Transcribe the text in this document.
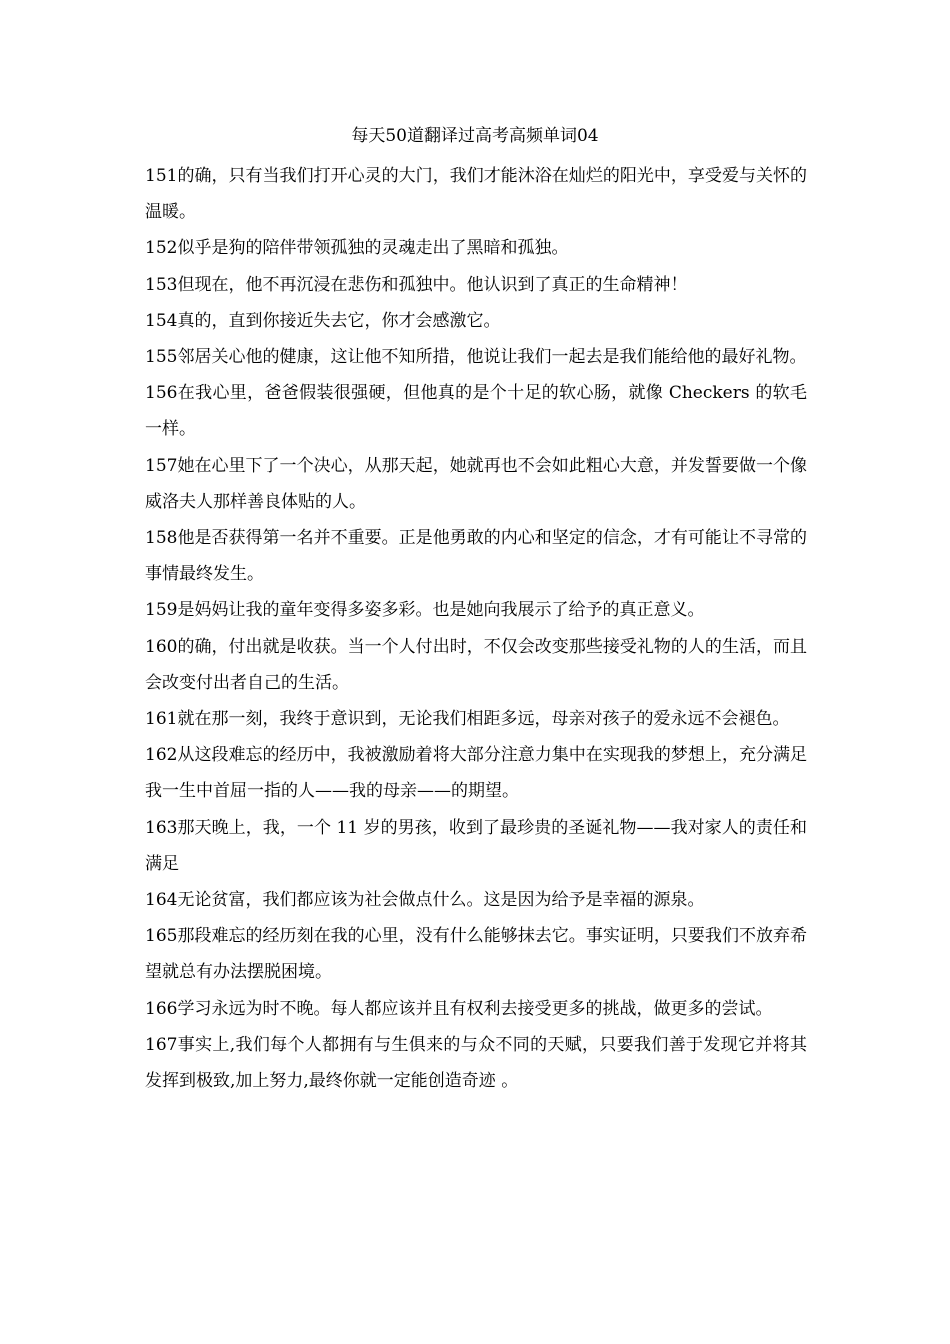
每天50道翻译过高考高频单词04

151的确，只有当我们打开心灵的大门，我们才能沐浴在灿烂的阳光中，享受爱与关怀的温暖。

152似乎是狗的陪伴带领孤独的灵魂走出了黑暗和孤独。

153但现在，他不再沉浸在悲伤和孤独中。他认识到了真正的生命精神！

154真的，直到你接近失去它，你才会感激它。

155邻居关心他的健康，这让他不知所措，他说让我们一起去是我们能给他的最好礼物。

156在我心里，爸爸假装很强硬，但他真的是个十足的软心肠，就像 Checkers 的软毛一样。

157她在心里下了一个决心，从那天起，她就再也不会如此粗心大意，并发誓要做一个像威洛夫人那样善良体贴的人。

158他是否获得第一名并不重要。正是他勇敢的内心和坚定的信念，才有可能让不寻常的事情最终发生。

159是妈妈让我的童年变得多姿多彩。也是她向我展示了给予的真正意义。

160的确，付出就是收获。当一个人付出时，不仅会改变那些接受礼物的人的生活，而且会改变付出者自己的生活。

161就在那一刻，我终于意识到，无论我们相距多远，母亲对孩子的爱永远不会褪色。

162从这段难忘的经历中，我被激励着将大部分注意力集中在实现我的梦想上，充分满足我一生中首屈一指的人——我的母亲——的期望。

163那天晚上，我，一个 11 岁的男孩，收到了最珍贵的圣诞礼物——我对家人的责任和满足

164无论贫富，我们都应该为社会做点什么。这是因为给予是幸福的源泉。

165那段难忘的经历刻在我的心里，没有什么能够抹去它。事实证明，只要我们不放弃希望就总有办法摆脱困境。

166学习永远为时不晚。每人都应该并且有权利去接受更多的挑战，做更多的尝试。

167事实上,我们每个人都拥有与生俱来的与众不同的天赋，只要我们善于发现它并将其发挥到极致,加上努力,最终你就一定能创造奇迹 。
